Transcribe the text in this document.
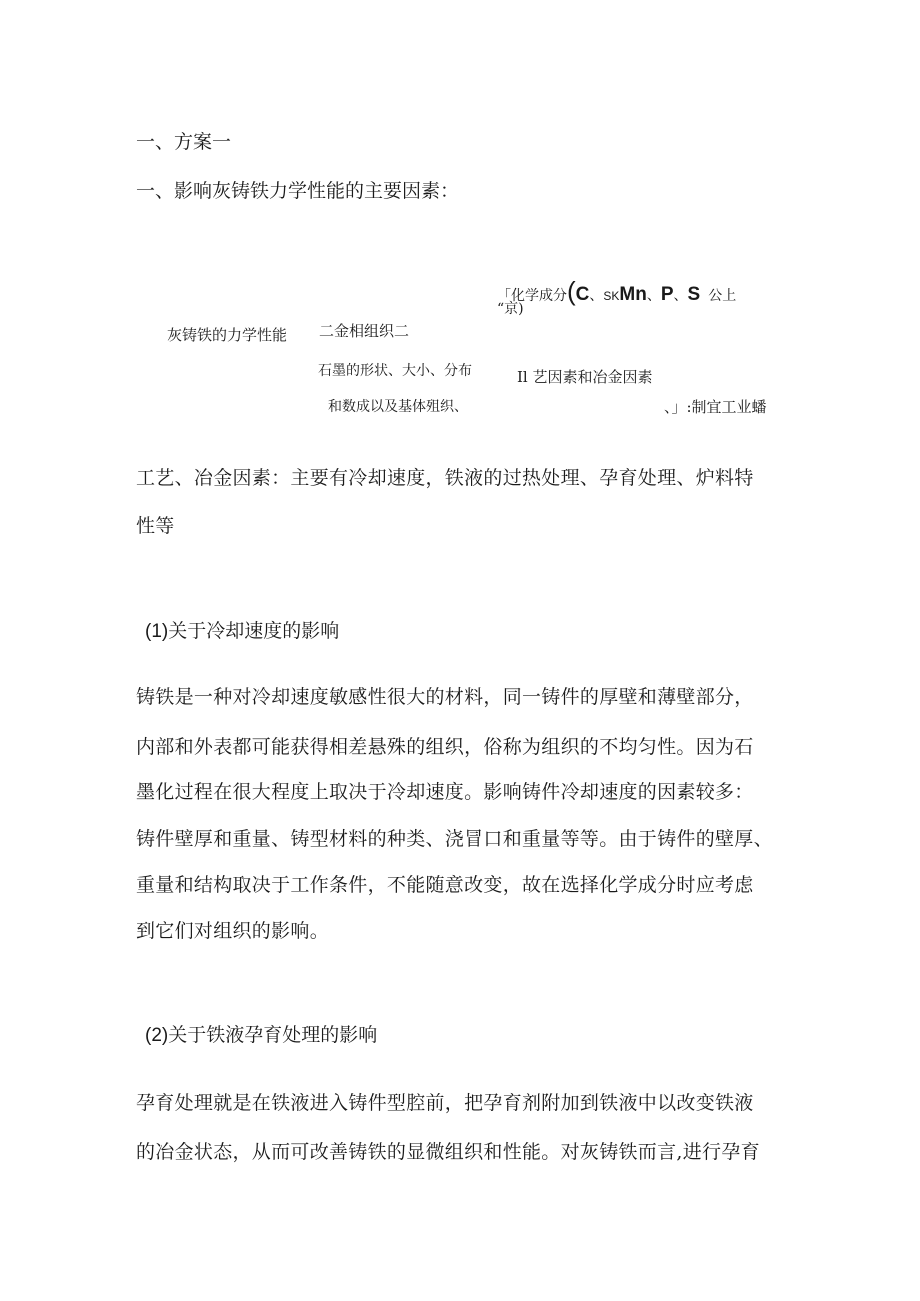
一、方案一
一、影响灰铸铁力学性能的主要因素：
「化学成分(C、SKMn、P、S 公上
“京)
灰铸铁的力学性能 二金相组织二
石墨的形状、大小、分布	Il 艺因素和冶金因素
和数成以及基体殂织、	、」:制宜工业蟠
工艺、冶金因素：主要有冷却速度，铁液的过热处理、孕育处理、炉料特
性等
(1)关于冷却速度的影响
铸铁是一种对冷却速度敏感性很大的材料，同一铸件的厚壁和薄壁部分，
内部和外表都可能获得相差悬殊的组织，俗称为组织的不均匀性。因为石
墨化过程在很大程度上取决于冷却速度。影响铸件冷却速度的因素较多：
铸件壁厚和重量、铸型材料的种类、浇冒口和重量等等。由于铸件的壁厚、
重量和结构取决于工作条件，不能随意改变，故在选择化学成分时应考虑
到它们对组织的影响。
(2)关于铁液孕育处理的影响
孕育处理就是在铁液进入铸件型腔前，把孕育剂附加到铁液中以改变铁液
的冶金状态，从而可改善铸铁的显微组织和性能。对灰铸铁而言,进行孕育
